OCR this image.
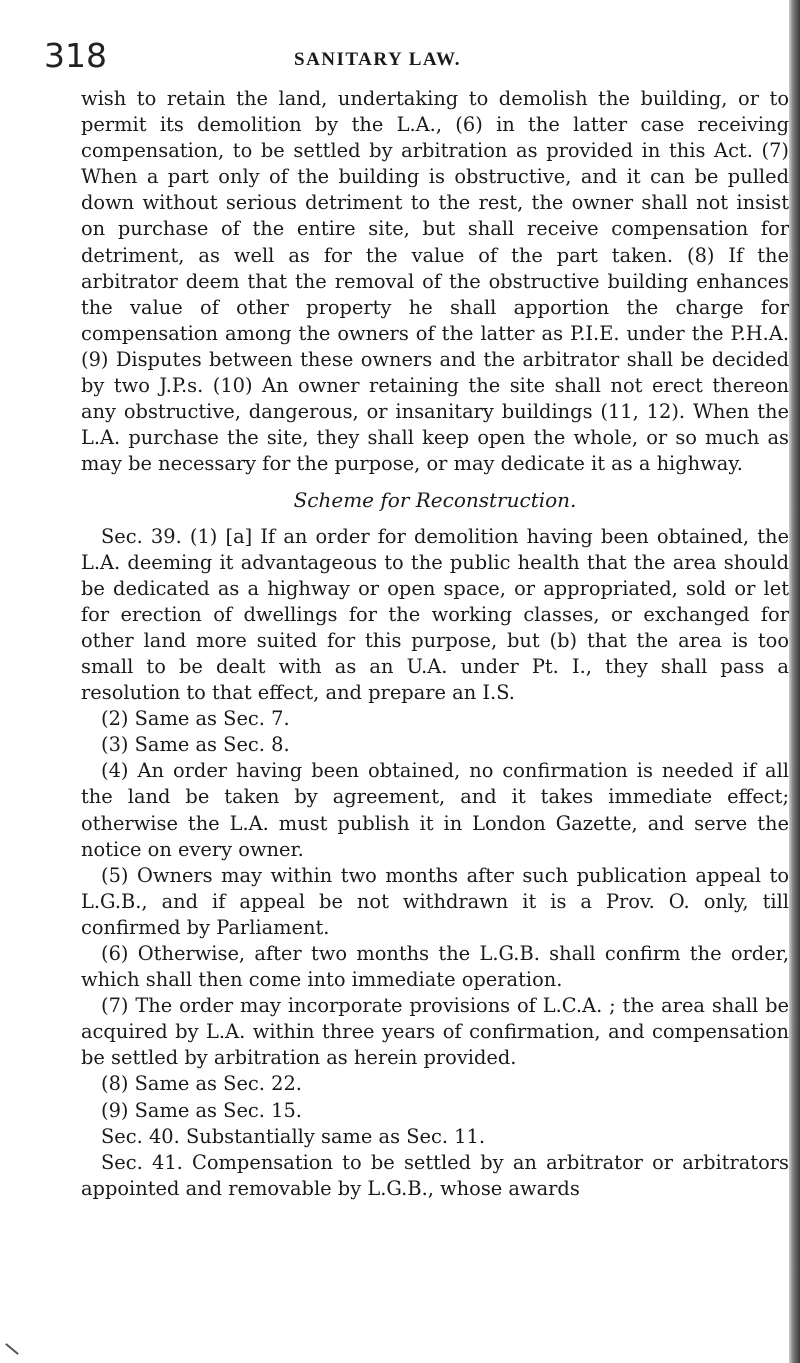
318	SANITARY LAW.

wish to retain the land, undertaking to demolish the building, or to permit its demolition by the L.A., (6) in the latter case receiving compensation, to be settled by arbitration as provided in this Act. (7) When a part only of the building is obstructive, and it can be pulled down without serious detriment to the rest, the owner shall not insist on purchase of the entire site, but shall receive compensation for detriment, as well as for the value of the part taken. (8) If the arbitrator deem that the removal of the obstructive building enhances the value of other property he shall apportion the charge for compensation among the owners of the latter as P.I.E. under the P.H.A. (9) Disputes between these owners and the arbitrator shall be decided by two J.P.s. (10) An owner retaining the site shall not erect thereon any obstructive, dangerous, or insanitary buildings (11, 12). When the L.A. purchase the site, they shall keep open the whole, or so much as may be necessary for the purpose, or may dedicate it as a highway.

Scheme for Reconstruction.

Sec. 39. (1) [a] If an order for demolition having been obtained, the L.A. deeming it advantageous to the public health that the area should be dedicated as a highway or open space, or appropriated, sold or let for erection of dwellings for the working classes, or exchanged for other land more suited for this purpose, but (b) that the area is too small to be dealt with as an U.A. under Pt. I., they shall pass a resolution to that effect, and prepare an I.S.

(2) Same as Sec. 7.

(3) Same as Sec. 8.

(4) An order having been obtained, no confirmation is needed if all the land be taken by agreement, and it takes immediate effect; otherwise the L.A. must publish it in London Gazette, and serve the notice on every owner.

(5) Owners may within two months after such publication appeal to L.G.B., and if appeal be not withdrawn it is a Prov. O. only, till confirmed by Parliament.

(6) Otherwise, after two months the L.G.B. shall confirm the order, which shall then come into immediate operation.

(7) The order may incorporate provisions of L.C.A. ; the area shall be acquired by L.A. within three years of confirmation, and compensation be settled by arbitration as herein provided.

(8) Same as Sec. 22.

(9) Same as Sec. 15.

Sec. 40. Substantially same as Sec. 11.

Sec. 41. Compensation to be settled by an arbitrator or arbitrators appointed and removable by L.G.B., whose awards
